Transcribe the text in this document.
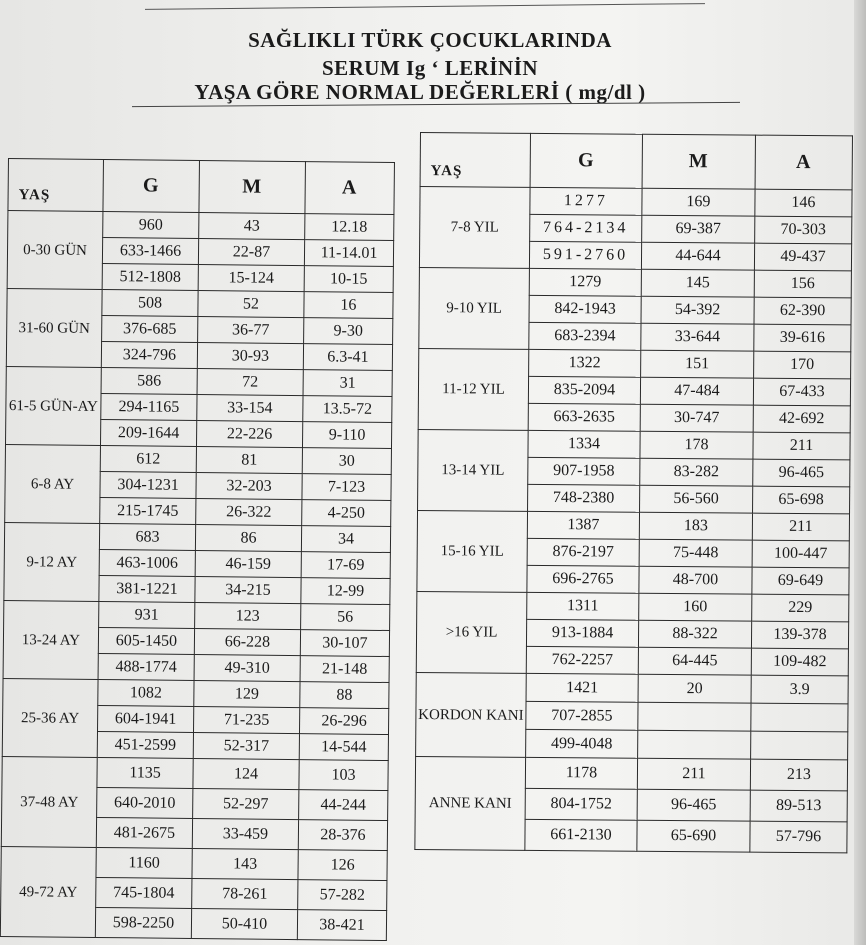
SAĞLIKLI TÜRK ÇOCUKLARINDA
SERUM Ig ‘ LERİNİN
YAŞA GÖRE NORMAL DEĞERLERİ ( mg/dl )
YAŞ	G	M	A
0-30 GÜN	960	43	12.18
	633-1466	22-87	11-14.01
	512-1808	15-124	10-15
31-60 GÜN	508	52	16
	376-685	36-77	9-30
	324-796	30-93	6.3-41
61-5 GÜN-AY	586	72	31
	294-1165	33-154	13.5-72
	209-1644	22-226	9-110
6-8 AY	612	81	30
	304-1231	32-203	7-123
	215-1745	26-322	4-250
9-12 AY	683	86	34
	463-1006	46-159	17-69
	381-1221	34-215	12-99
13-24 AY	931	123	56
	605-1450	66-228	30-107
	488-1774	49-310	21-148
25-36 AY	1082	129	88
	604-1941	71-235	26-296
	451-2599	52-317	14-544
37-48 AY	1135	124	103
	640-2010	52-297	44-244
	481-2675	33-459	28-376
49-72 AY	1160	143	126
	745-1804	78-261	57-282
	598-2250	50-410	38-421
YAŞ	G	M	A
7-8 YIL	1277	169	146
	764-2134	69-387	70-303
	591-2760	44-644	49-437
9-10 YIL	1279	145	156
	842-1943	54-392	62-390
	683-2394	33-644	39-616
11-12 YIL	1322	151	170
	835-2094	47-484	67-433
	663-2635	30-747	42-692
13-14 YIL	1334	178	211
	907-1958	83-282	96-465
	748-2380	56-560	65-698
15-16 YIL	1387	183	211
	876-2197	75-448	100-447
	696-2765	48-700	69-649
>16 YIL	1311	160	229
	913-1884	88-322	139-378
	762-2257	64-445	109-482
KORDON KANI	1421	20	3.9
	707-2855		
	499-4048		
ANNE KANI	1178	211	213
	804-1752	96-465	89-513
	661-2130	65-690	57-796
